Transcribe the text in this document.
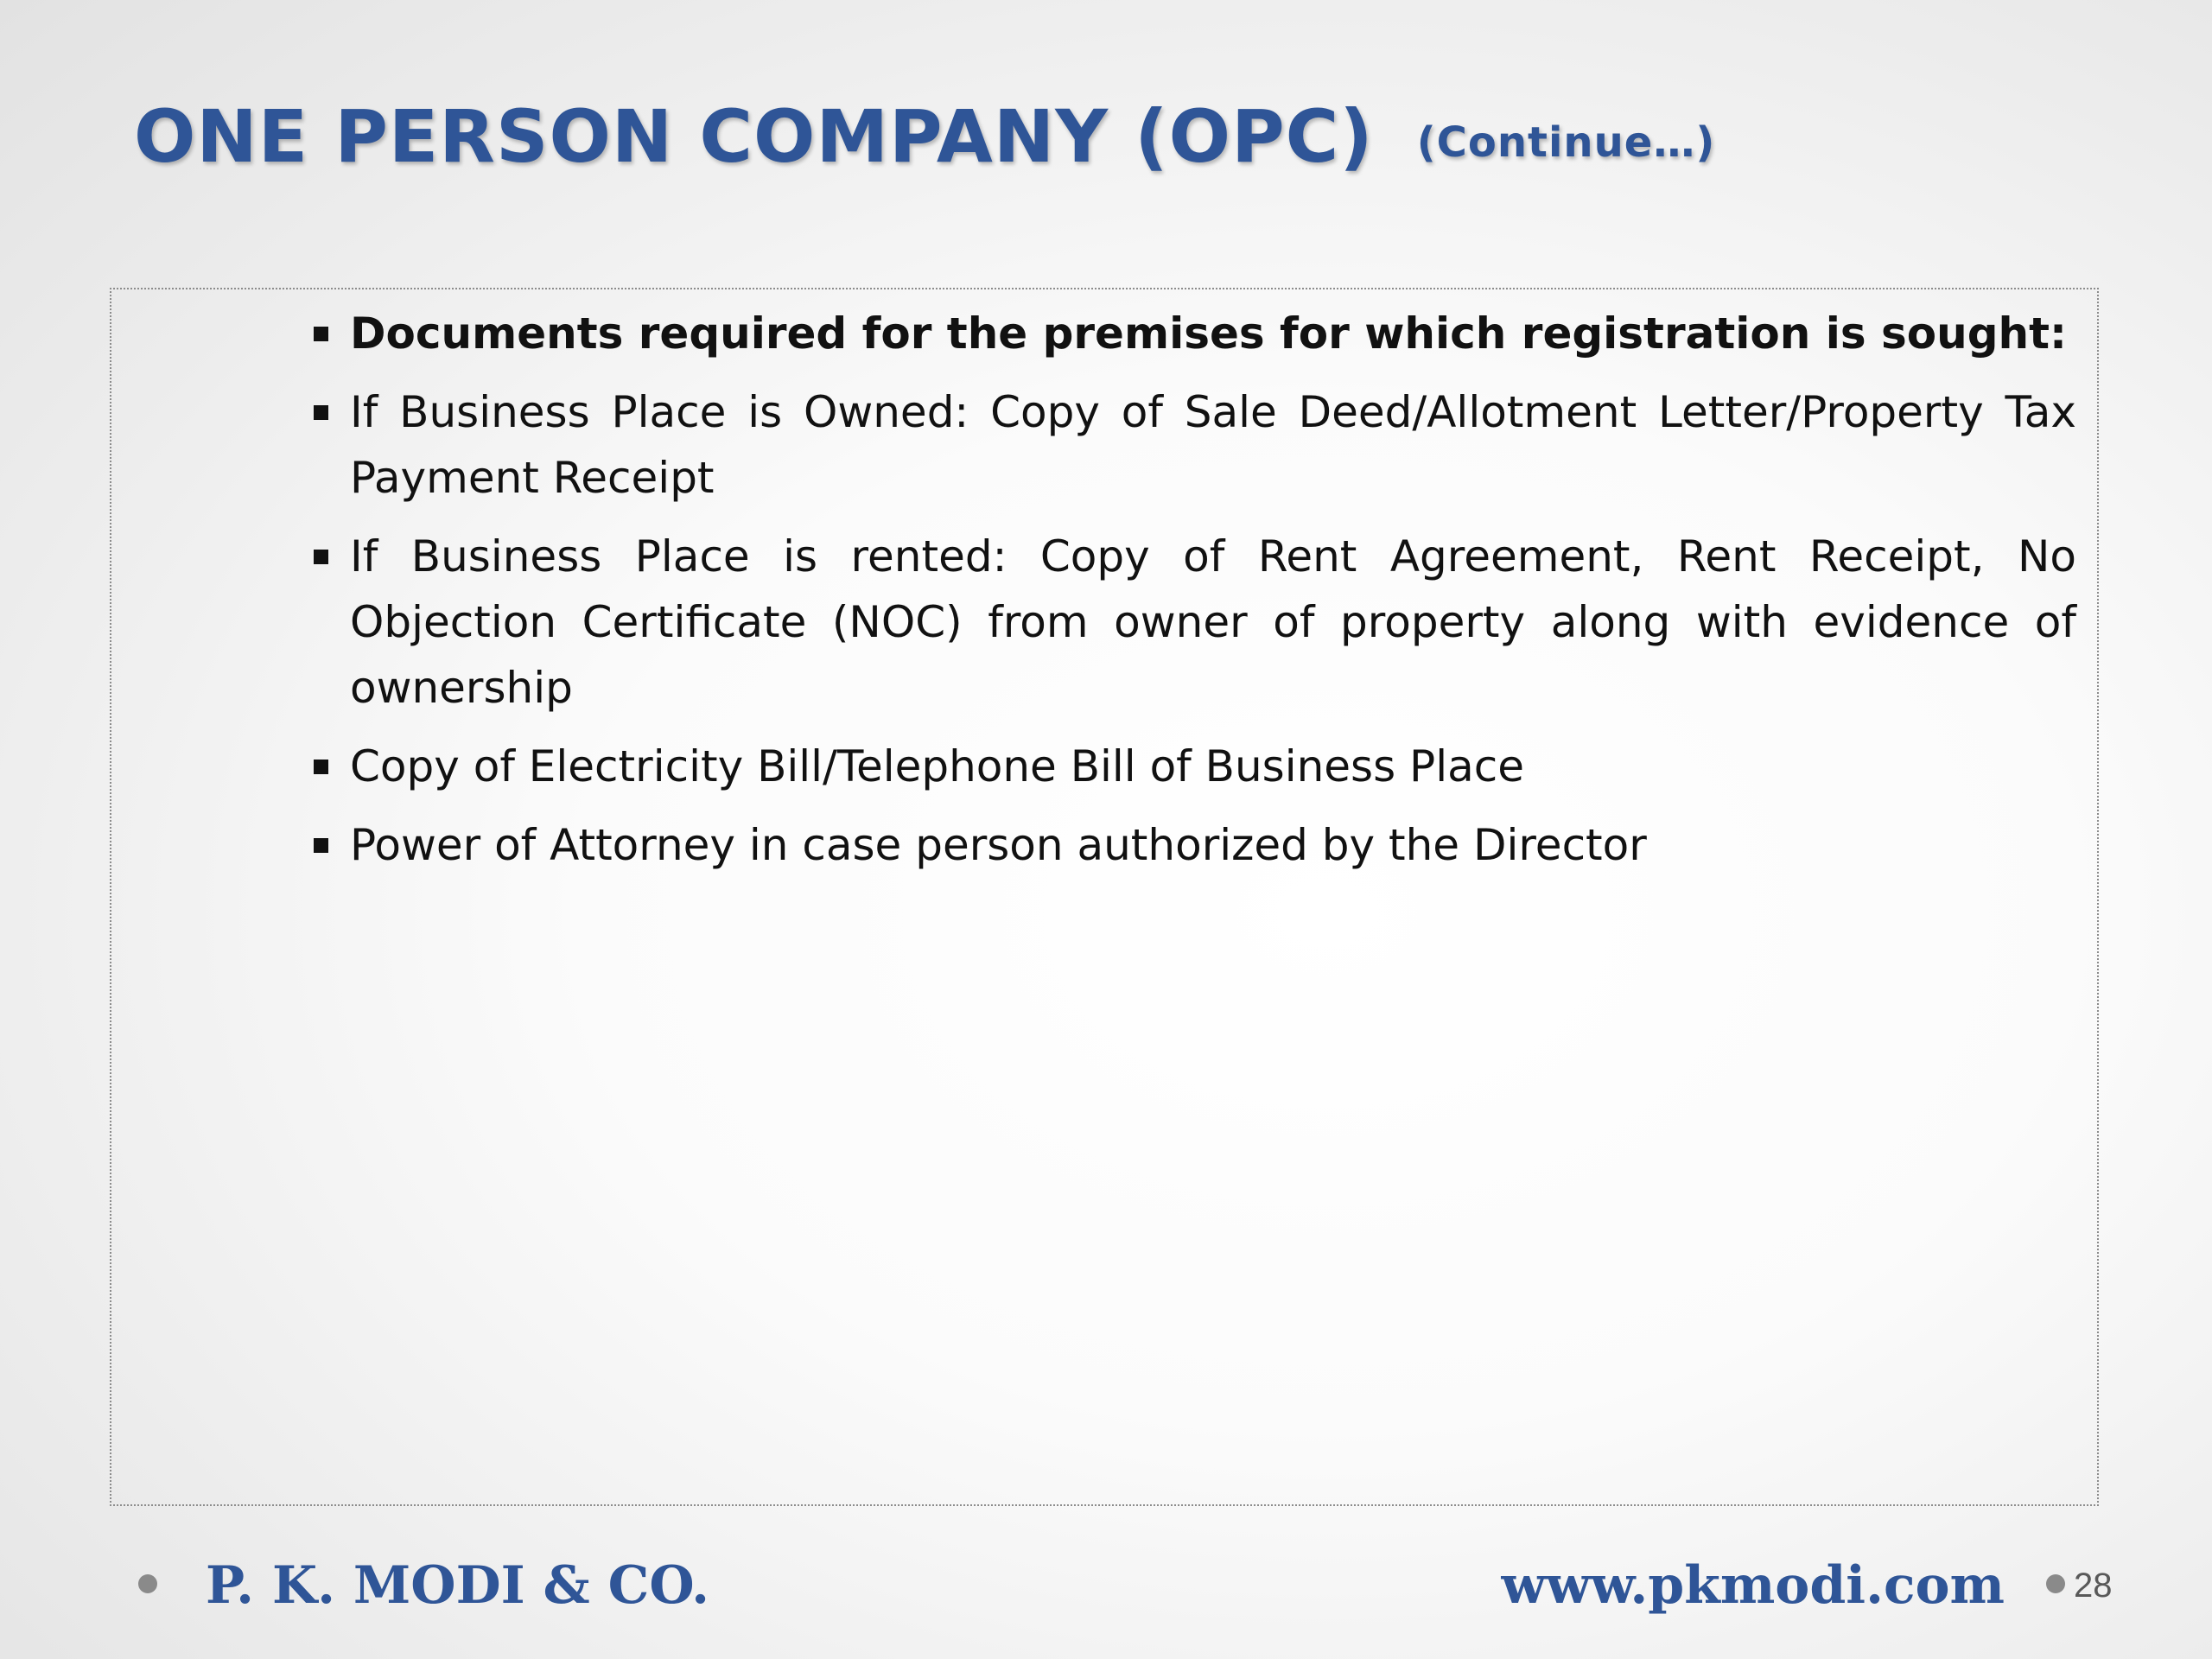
ONE PERSON COMPANY (OPC) (Continue…)
Documents required for the premises for which registration is sought:
If Business Place is Owned: Copy of Sale Deed/Allotment Letter/Property Tax Payment Receipt
If Business Place is rented: Copy of Rent Agreement, Rent Receipt, No Objection Certificate (NOC) from owner of property along with evidence of ownership
Copy of Electricity Bill/Telephone Bill of Business Place
Power of Attorney in case person authorized by the Director
P. K. MODI & CO.	www.pkmodi.com 28
